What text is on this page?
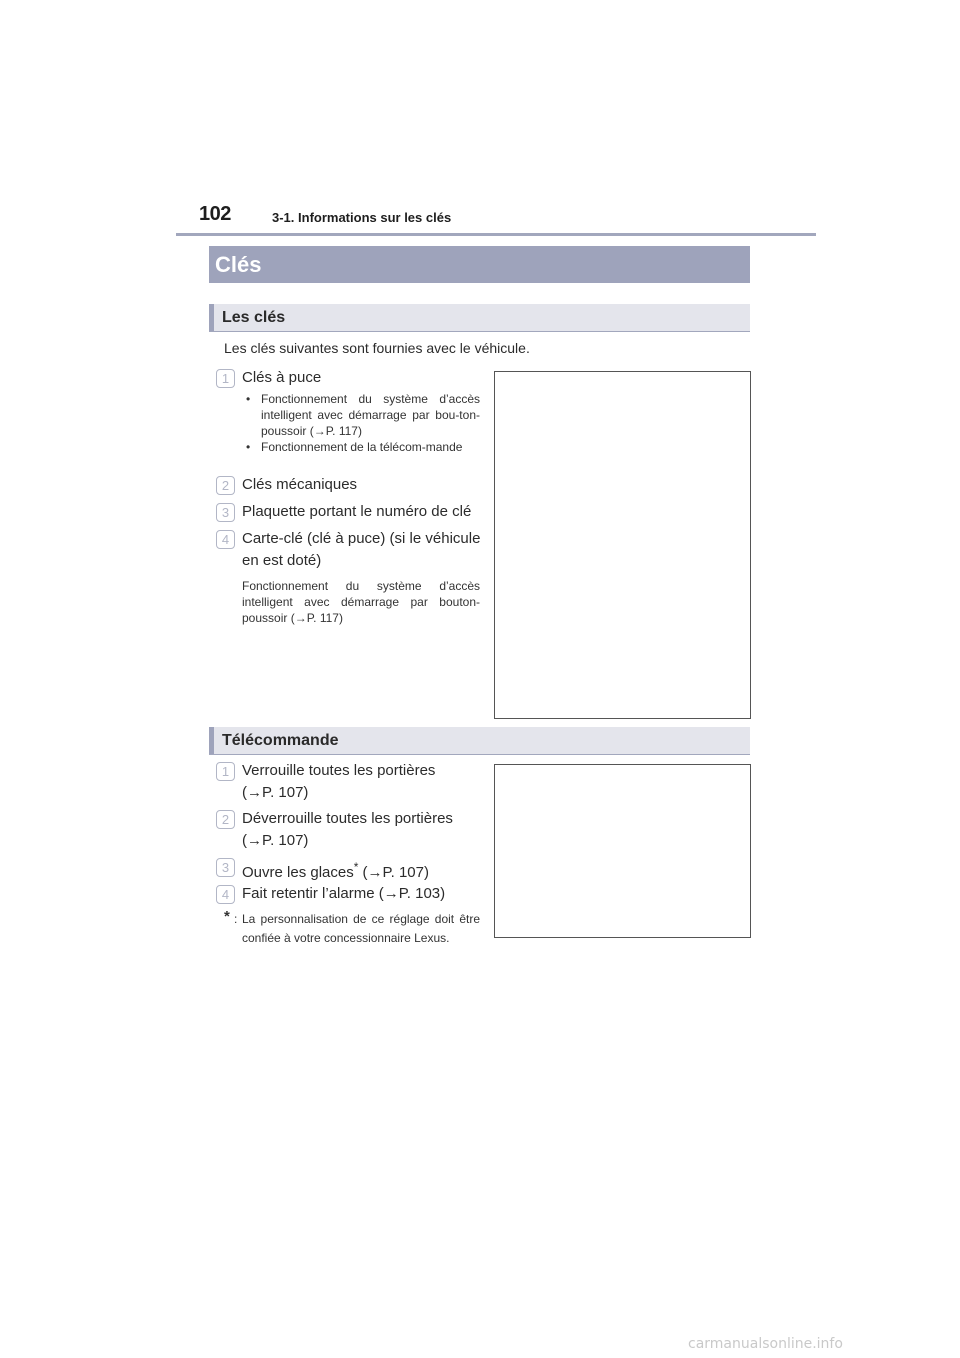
102	3-1. Informations sur les clés
Clés
Les clés
Les clés suivantes sont fournies avec le véhicule.
1 Clés à puce
• Fonctionnement du système d’accès intelligent avec démarrage par bou-ton-poussoir (→P. 117)
• Fonctionnement de la télécom-mande
2 Clés mécaniques
3 Plaquette portant le numéro de clé
4 Carte-clé (clé à puce) (si le véhicule en est doté)
Fonctionnement du système d’accès intelligent avec démarrage par bouton-poussoir (→P. 117)
Télécommande
1 Verrouille toutes les portières (→P. 107)
2 Déverrouille toutes les portières (→P. 107)
3 Ouvre les glaces* (→P. 107)
4 Fait retentir l’alarme (→P. 103)
* : La personnalisation de ce réglage doit être confiée à votre concessionnaire Lexus.
carmanualsonline.info
